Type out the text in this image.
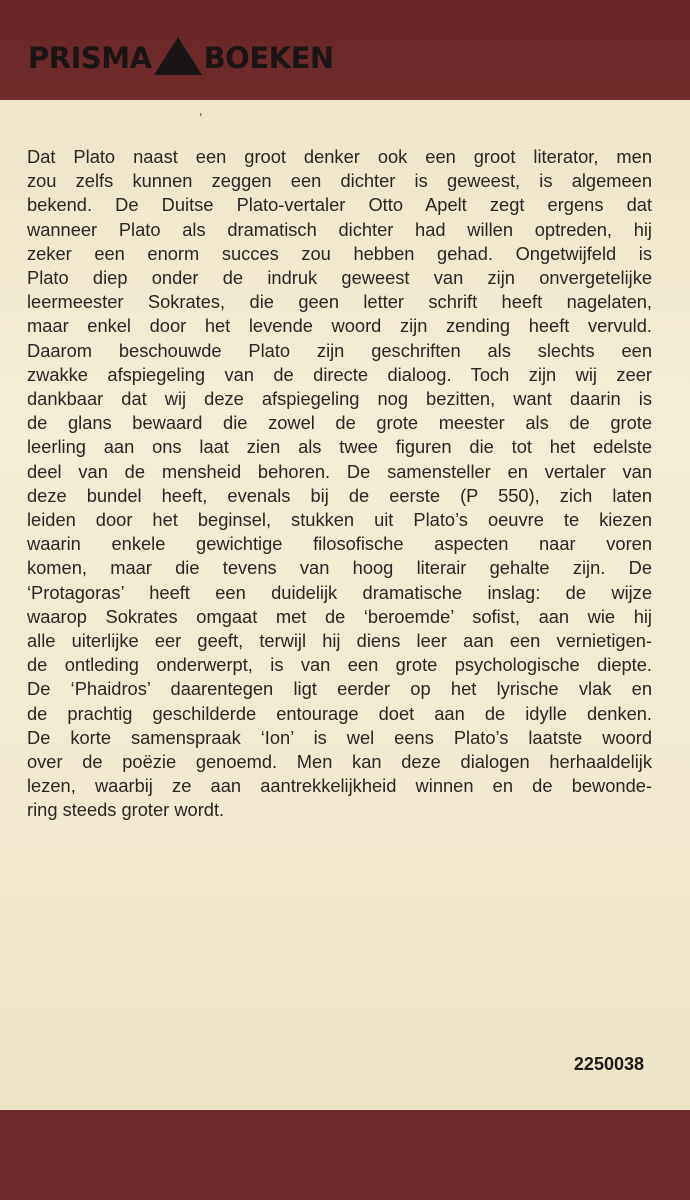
PRISMA BOEKEN
˒
Dat Plato naast een groot denker ook een groot literator, men
zou zelfs kunnen zeggen een dichter is geweest, is algemeen
bekend. De Duitse Plato-vertaler Otto Apelt zegt ergens dat
wanneer Plato als dramatisch dichter had willen optreden, hij
zeker een enorm succes zou hebben gehad. Ongetwijfeld is
Plato diep onder de indruk geweest van zijn onvergetelijke
leermeester Sokrates, die geen letter schrift heeft nagelaten,
maar enkel door het levende woord zijn zending heeft vervuld.
Daarom beschouwde Plato zijn geschriften als slechts een
zwakke afspiegeling van de directe dialoog. Toch zijn wij zeer
dankbaar dat wij deze afspiegeling nog bezitten, want daarin is
de glans bewaard die zowel de grote meester als de grote
leerling aan ons laat zien als twee figuren die tot het edelste
deel van de mensheid behoren. De samensteller en vertaler van
deze bundel heeft, evenals bij de eerste (P 550), zich laten
leiden door het beginsel, stukken uit Plato’s oeuvre te kiezen
waarin enkele gewichtige filosofische aspecten naar voren
komen, maar die tevens van hoog literair gehalte zijn. De
‘Protagoras’ heeft een duidelijk dramatische inslag: de wijze
waarop Sokrates omgaat met de ‘beroemde’ sofist, aan wie hij
alle uiterlijke eer geeft, terwijl hij diens leer aan een vernietigen-
de ontleding onderwerpt, is van een grote psychologische diepte.
De ‘Phaidros’ daarentegen ligt eerder op het lyrische vlak en
de prachtig geschilderde entourage doet aan de idylle denken.
De korte samenspraak ‘Ion’ is wel eens Plato’s laatste woord
over de poëzie genoemd. Men kan deze dialogen herhaaldelijk
lezen, waarbij ze aan aantrekkelijkheid winnen en de bewonde-
ring steeds groter wordt.
2250038
